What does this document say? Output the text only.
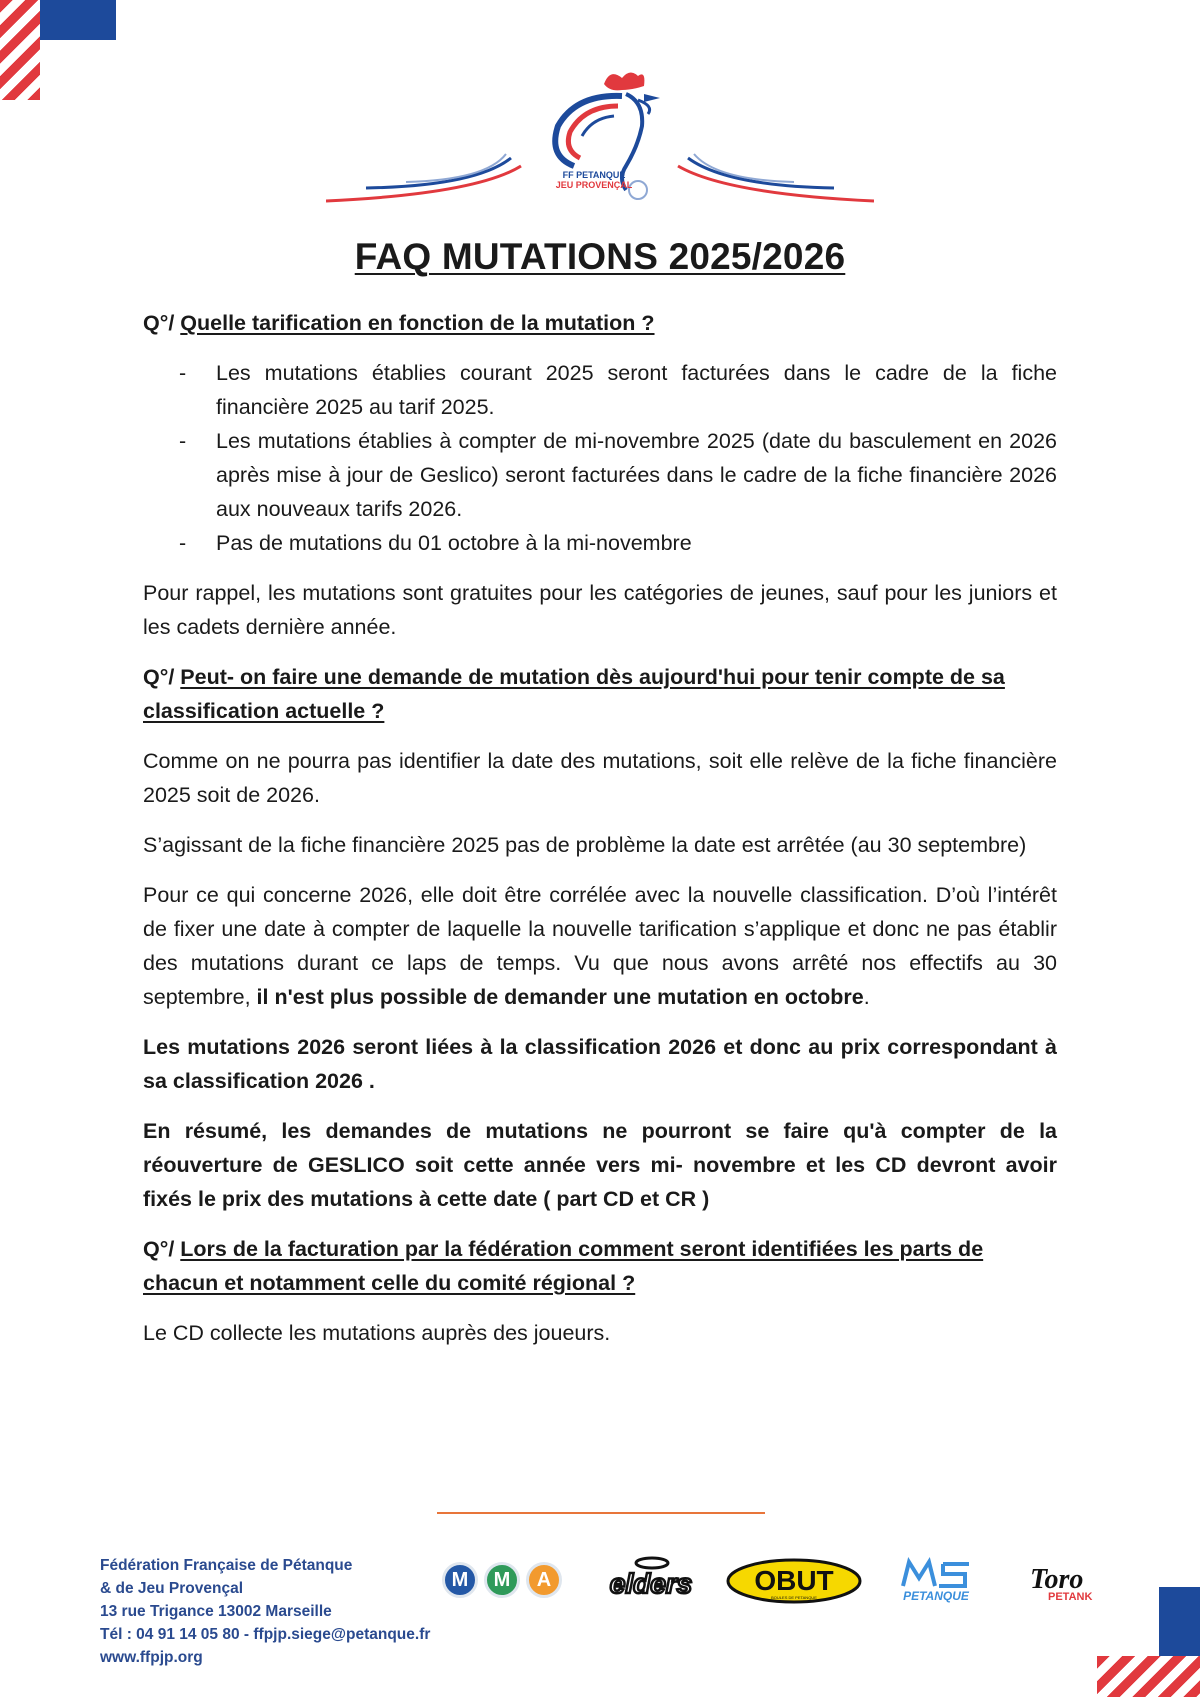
FF PETANQUE
JEU PROVENÇAL
FAQ MUTATIONS 2025/2026
Q°/ Quelle tarification en fonction de la mutation ?
- Les mutations établies courant 2025 seront facturées dans le cadre de la fiche financière 2025 au tarif 2025.
- Les mutations établies à compter de mi-novembre 2025 (date du basculement en 2026 après mise à jour de Geslico) seront facturées dans le cadre de la fiche financière 2026 aux nouveaux tarifs 2026.
- Pas de mutations du 01 octobre à la mi-novembre

Pour rappel, les mutations sont gratuites pour les catégories de jeunes, sauf pour les juniors et les cadets dernière année.

Q°/ Peut- on faire une demande de mutation dès aujourd'hui pour tenir compte de sa classification actuelle ?

Comme on ne pourra pas identifier la date des mutations, soit elle relève de la fiche financière 2025 soit de 2026.

S’agissant de la fiche financière 2025 pas de problème la date est arrêtée (au 30 septembre)

Pour ce qui concerne 2026, elle doit être corrélée avec la nouvelle classification. D’où l’intérêt de fixer une date à compter de laquelle la nouvelle tarification s’applique et donc ne pas établir des mutations durant ce laps de temps. Vu que nous avons arrêté nos effectifs au 30 septembre, il n'est plus possible de demander une mutation en octobre.

Les mutations 2026 seront liées à la classification 2026 et donc au prix correspondant à sa classification 2026 .

En résumé, les demandes de mutations ne pourront se faire qu'à compter de la réouverture de GESLICO soit cette année vers mi- novembre et les CD devront avoir fixés le prix des mutations à cette date ( part CD et CR )

Q°/ Lors de la facturation par la fédération comment seront identifiées les parts de chacun et notamment celle du comité régional ?

Le CD collecte les mutations auprès des joueurs.

Fédération Française de Pétanque
& de Jeu Provençal
13 rue Trigance 13002 Marseille
Tél : 04 91 14 05 80 - ffpjp.siege@petanque.fr
www.ffpjp.org
M	M	A	elders OBUT
BOULES DE PETANQUE	PETANQUE
Toro
PETANK
